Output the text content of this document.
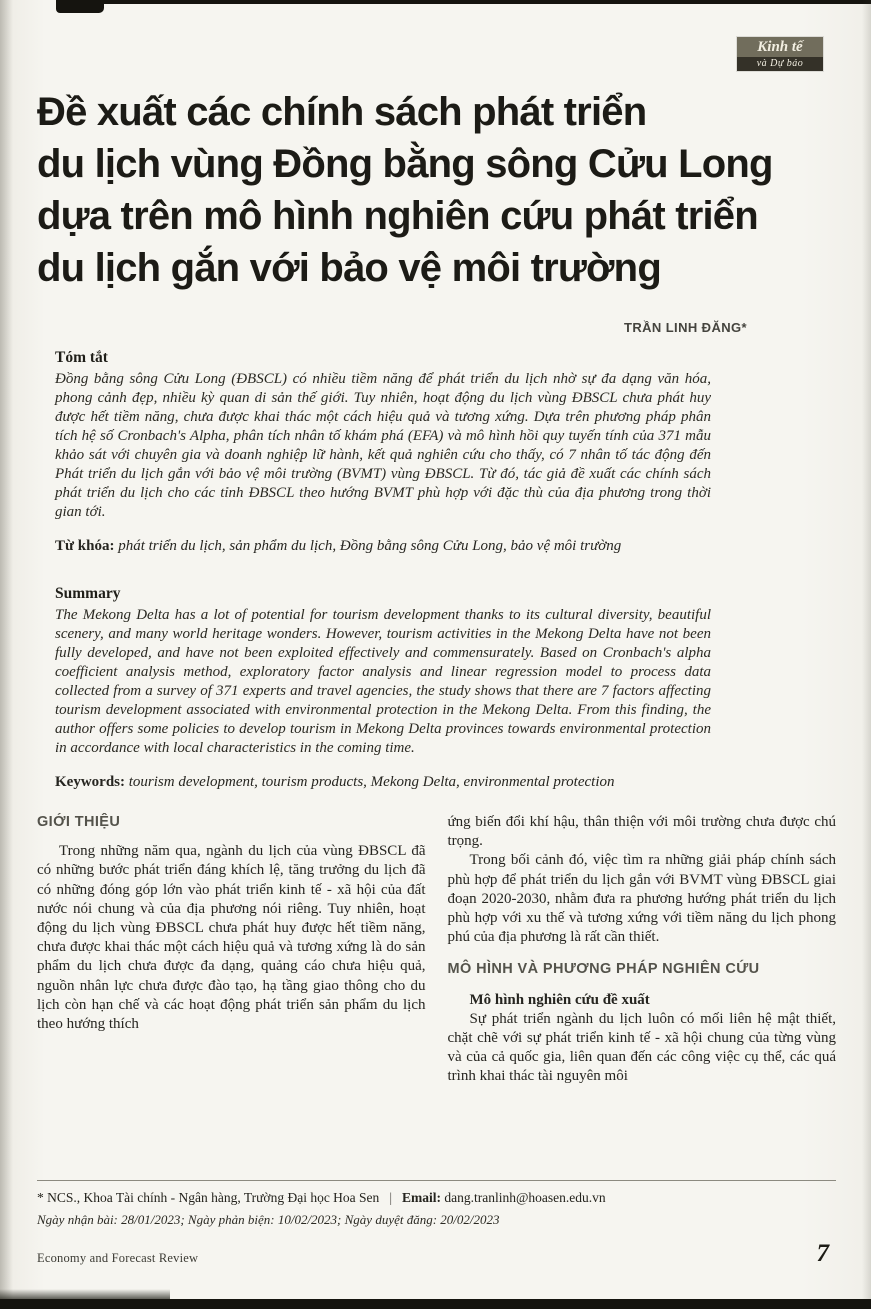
Kinh tế
và Dự báo
Đề xuất các chính sách phát triển
du lịch vùng Đồng bằng sông Cửu Long
dựa trên mô hình nghiên cứu phát triển
du lịch gắn với bảo vệ môi trường
TRẦN LINH ĐĂNG*
Tóm tắt

Đồng bằng sông Cửu Long (ĐBSCL) có nhiều tiềm năng để phát triển du lịch nhờ sự đa dạng văn hóa, phong cảnh đẹp, nhiều kỳ quan di sản thế giới. Tuy nhiên, hoạt động du lịch vùng ĐBSCL chưa phát huy được hết tiềm năng, chưa được khai thác một cách hiệu quả và tương xứng. Dựa trên phương pháp phân tích hệ số Cronbach's Alpha, phân tích nhân tố khám phá (EFA) và mô hình hồi quy tuyến tính của 371 mẫu khảo sát với chuyên gia và doanh nghiệp lữ hành, kết quả nghiên cứu cho thấy, có 7 nhân tố tác động đến Phát triển du lịch gắn với bảo vệ môi trường (BVMT) vùng ĐBSCL. Từ đó, tác giả đề xuất các chính sách phát triển du lịch cho các tỉnh ĐBSCL theo hướng BVMT phù hợp với đặc thù của địa phương trong thời gian tới.

Từ khóa: phát triển du lịch, sản phẩm du lịch, Đồng bằng sông Cửu Long, bảo vệ môi trường

Summary

The Mekong Delta has a lot of potential for tourism development thanks to its cultural diversity, beautiful scenery, and many world heritage wonders. However, tourism activities in the Mekong Delta have not been fully developed, and have not been exploited effectively and commensurately. Based on Cronbach's alpha coefficient analysis method, exploratory factor analysis and linear regression model to process data collected from a survey of 371 experts and travel agencies, the study shows that there are 7 factors affecting tourism development associated with environmental protection in the Mekong Delta. From this finding, the author offers some policies to develop tourism in Mekong Delta provinces towards environmental protection in accordance with local characteristics in the coming time.

Keywords: tourism development, tourism products, Mekong Delta, environmental protection

GIỚI THIỆU

Trong những năm qua, ngành du lịch của vùng ĐBSCL đã có những bước phát triển đáng khích lệ, tăng trưởng du lịch đã có những đóng góp lớn vào phát triển kinh tế - xã hội của đất nước nói chung và của địa phương nói riêng. Tuy nhiên, hoạt động du lịch vùng ĐBSCL chưa phát huy được hết tiềm năng, chưa được khai thác một cách hiệu quả và tương xứng là do sản phẩm du lịch chưa được đa dạng, quảng cáo chưa hiệu quả, nguồn nhân lực chưa được đào tạo, hạ tầng giao thông cho du lịch còn hạn chế và các hoạt động phát triển sản phẩm du lịch theo hướng thích

ứng biến đổi khí hậu, thân thiện với môi trường chưa được chú trọng.

Trong bối cảnh đó, việc tìm ra những giải pháp chính sách phù hợp để phát triển du lịch gắn với BVMT vùng ĐBSCL giai đoạn 2020-2030, nhằm đưa ra phương hướng phát triển du lịch phù hợp với xu thế và tương xứng với tiềm năng du lịch phong phú của địa phương là rất cần thiết.

MÔ HÌNH VÀ PHƯƠNG PHÁP NGHIÊN CỨU

Mô hình nghiên cứu đề xuất

Sự phát triển ngành du lịch luôn có mối liên hệ mật thiết, chặt chẽ với sự phát triển kinh tế - xã hội chung của từng vùng và của cả quốc gia, liên quan đến các công việc cụ thể, các quá trình khai thác tài nguyên môi

* NCS., Khoa Tài chính - Ngân hàng, Trường Đại học Hoa Sen | Email: dang.tranlinh@hoasen.edu.vn
Ngày nhận bài: 28/01/2023; Ngày phản biện: 10/02/2023; Ngày duyệt đăng: 20/02/2023
Economy and Forecast Review	7
